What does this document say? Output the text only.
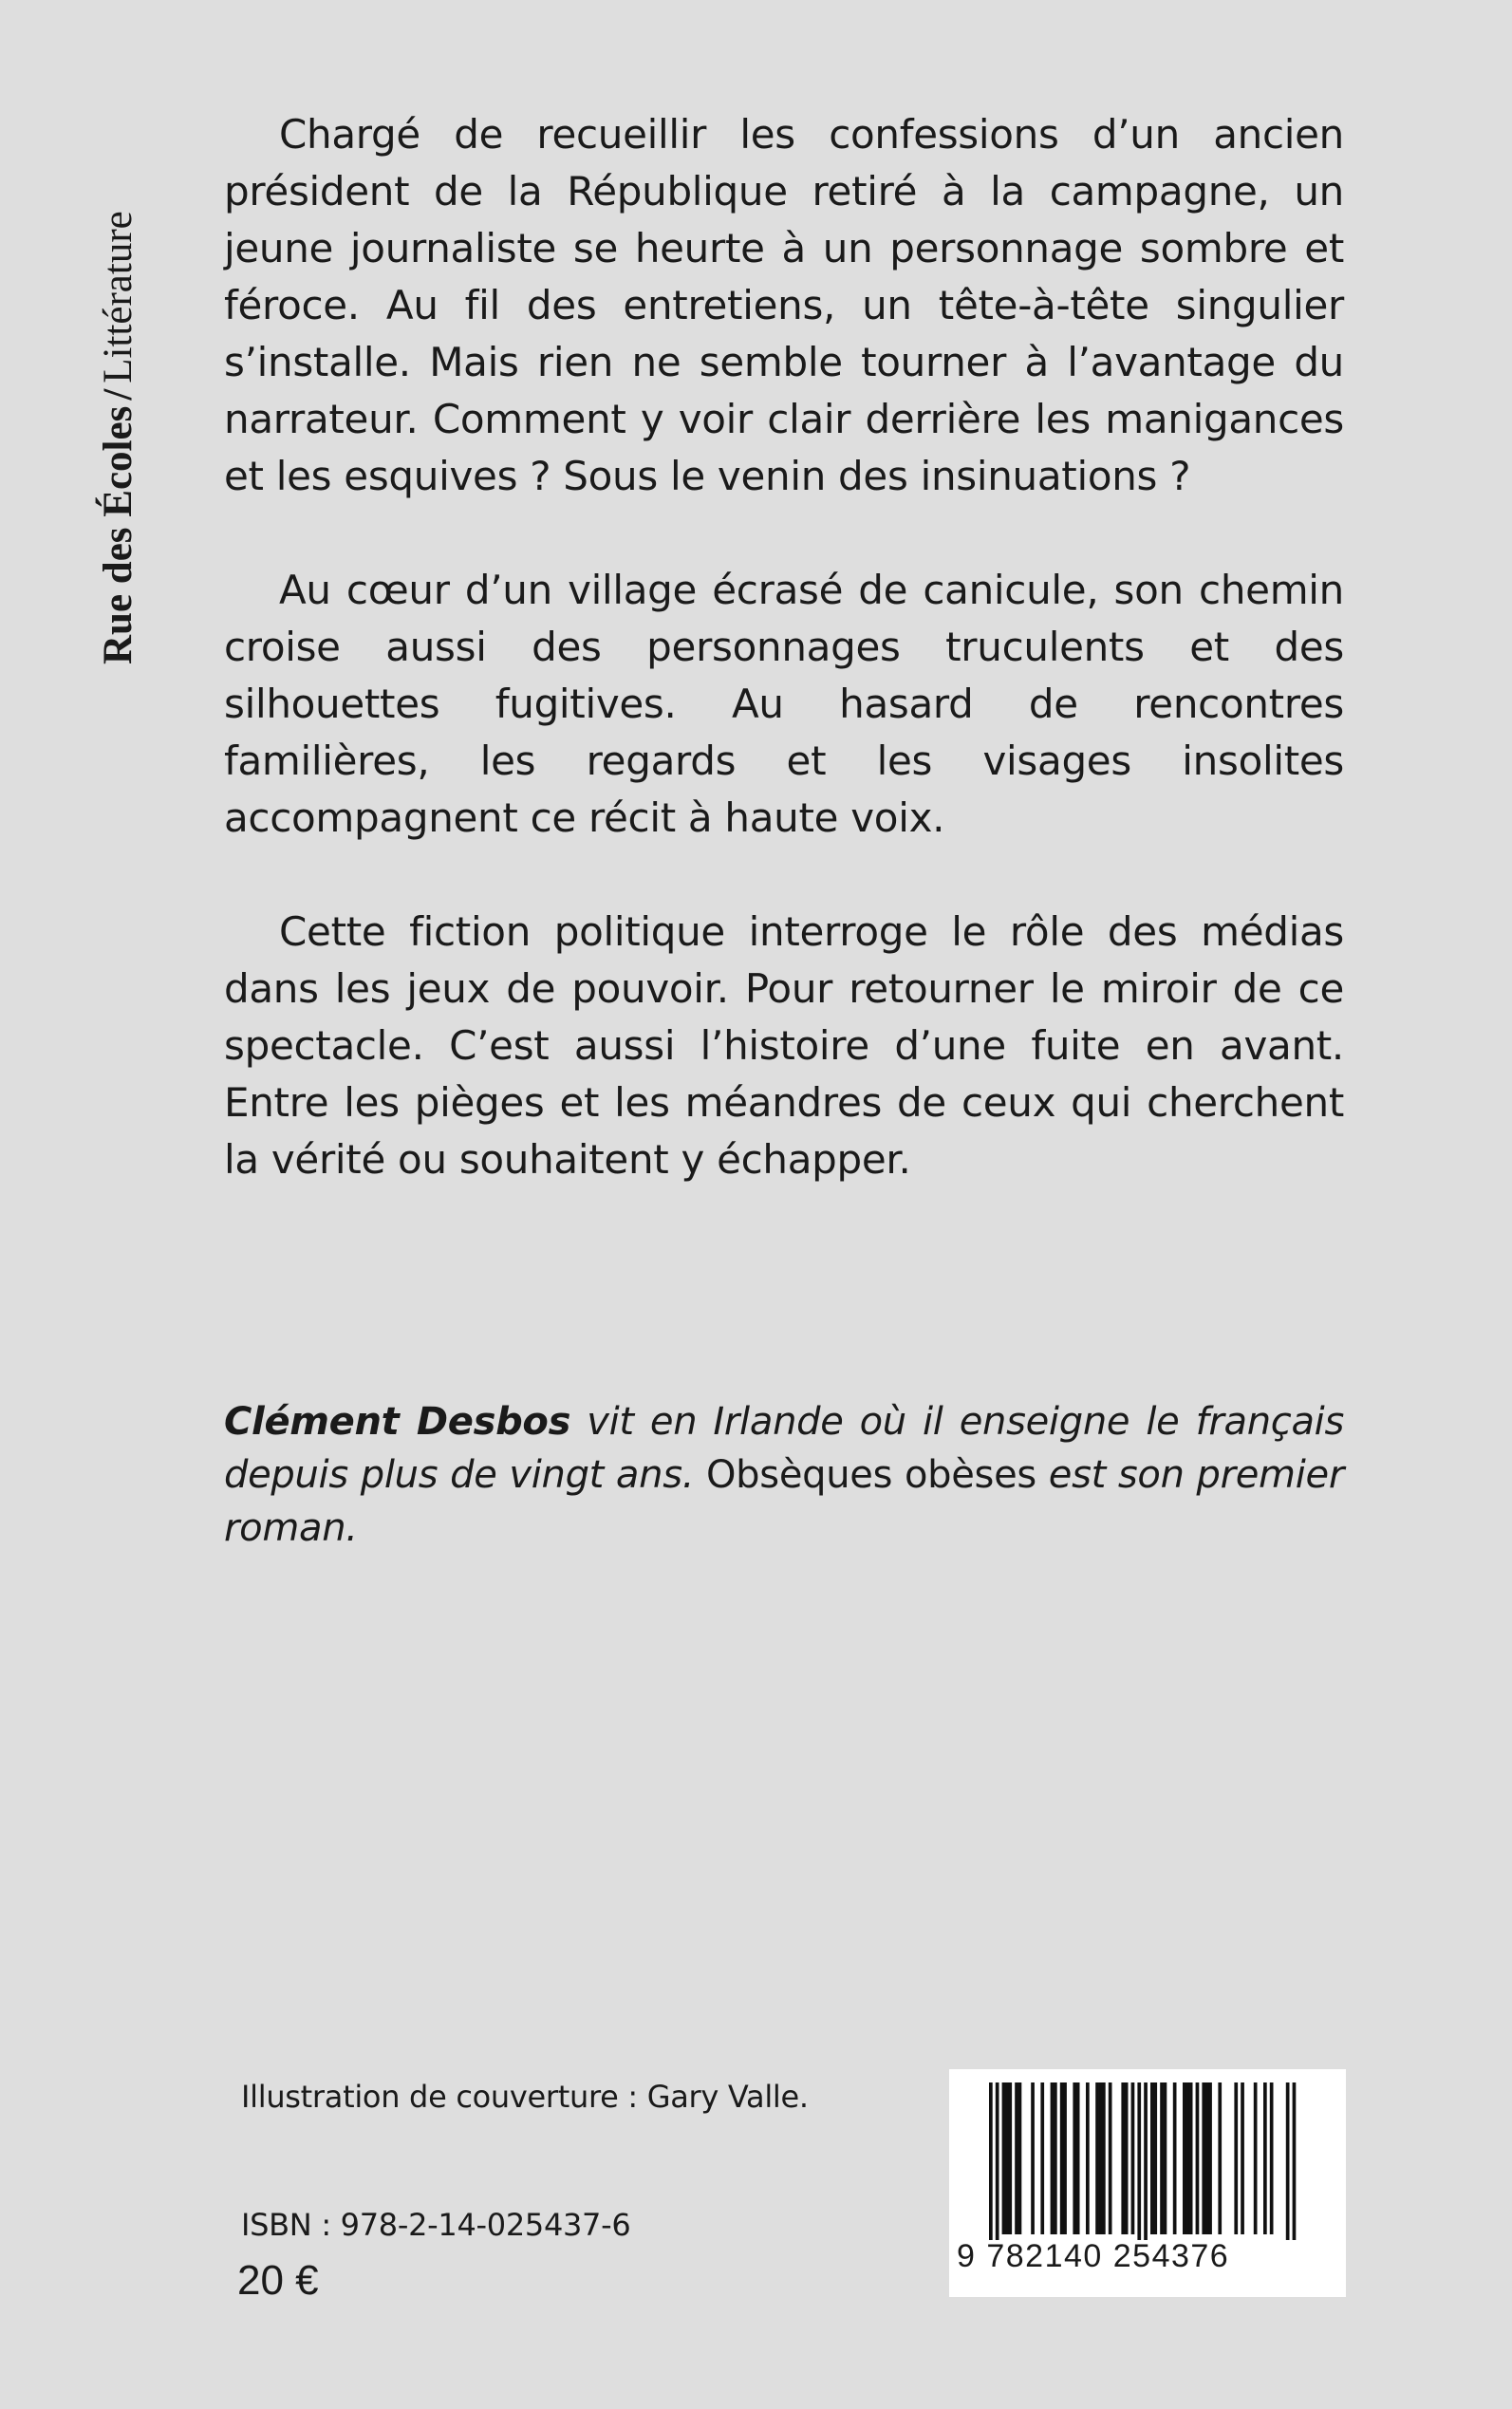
Rue des Écoles/Littérature

Chargé de recueillir les confessions d’un ancien président de la République retiré à la campagne, un jeune journaliste se heurte à un personnage sombre et féroce. Au fil des entretiens, un tête-à-tête singulier s’installe. Mais rien ne semble tourner à l’avantage du narrateur. Comment y voir clair derrière les manigances et les esquives ? Sous le venin des insinuations ?

Au cœur d’un village écrasé de canicule, son chemin croise aussi des personnages truculents et des silhouettes fugitives. Au hasard de rencontres familières, les regards et les visages insolites accompagnent ce récit à haute voix.

Cette fiction politique interroge le rôle des médias dans les jeux de pouvoir. Pour retourner le miroir de ce spectacle. C’est aussi l’histoire d’une fuite en avant. Entre les pièges et les méandres de ceux qui cherchent la vérité ou souhaitent y échapper.

Clément Desbos vit en Irlande où il enseigne le français depuis plus de vingt ans. Obsèques obèses est son premier roman.

Illustration de couverture : Gary Valle.
ISBN : 978-2-14-025437-6
20 €
9 782140 254376
